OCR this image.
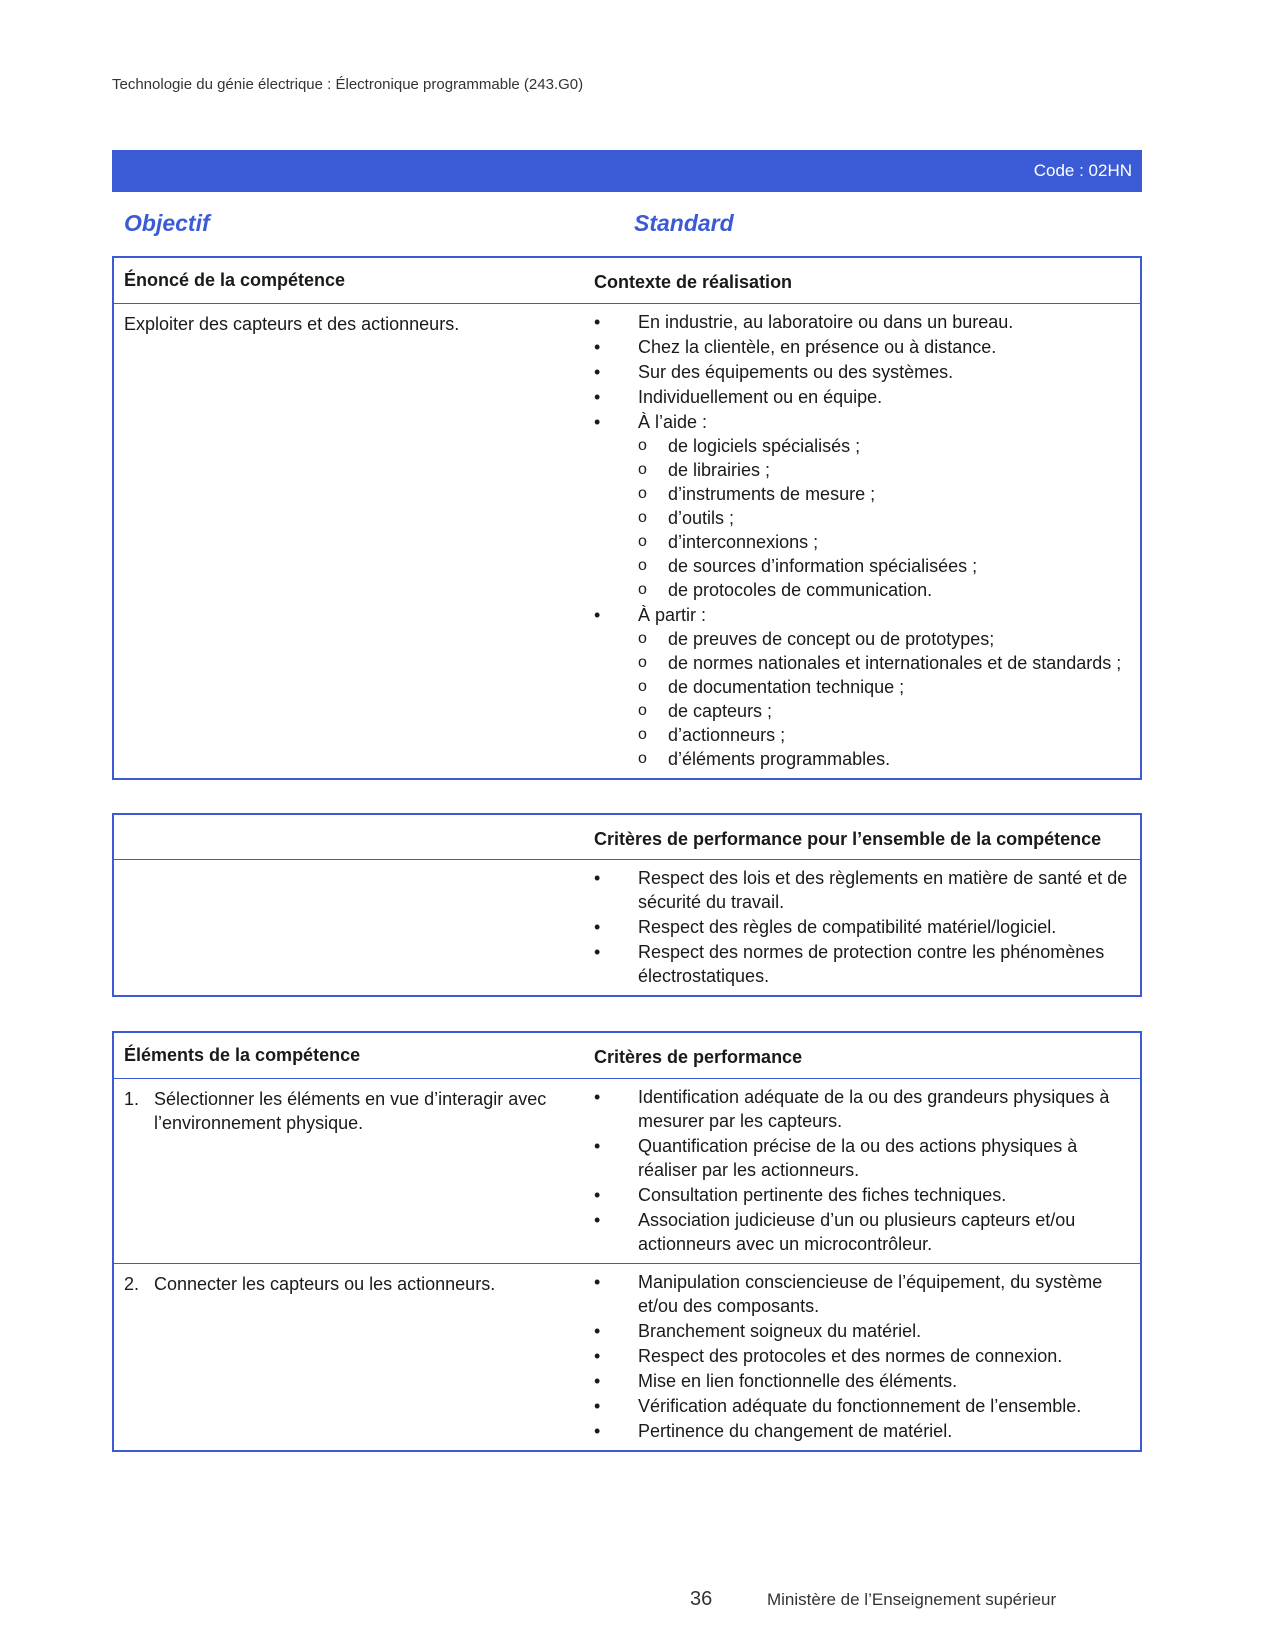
Technologie du génie électrique : Électronique programmable (243.G0)

Code : 02HN
Objectif	Standard
Énoncé de la compétence	Contexte de réalisation
Exploiter des capteurs et des actionneurs.	• En industrie, au laboratoire ou dans un bureau.
• Chez la clientèle, en présence ou à distance.
• Sur des équipements ou des systèmes.
• Individuellement ou en équipe.
• À l’aide :
o de logiciels spécialisés ;
o de librairies ;
o d’instruments de mesure ;
o d’outils ;
o d’interconnexions ;
o de sources d’information spécialisées ;
o de protocoles de communication.
• À partir :
o de preuves de concept ou de prototypes;
o de normes nationales et internationales et de standards ;
o de documentation technique ;
o de capteurs ;
o d’actionneurs ;
o d’éléments programmables.
Critères de performance pour l’ensemble de la compétence
• Respect des lois et des règlements en matière de santé et de sécurité du travail.
• Respect des règles de compatibilité matériel/logiciel.
• Respect des normes de protection contre les phénomènes électrostatiques.
Éléments de la compétence	Critères de performance
1. Sélectionner les éléments en vue d’interagir avec l’environnement physique.
• Identification adéquate de la ou des grandeurs physiques à mesurer par les capteurs.
• Quantification précise de la ou des actions physiques à réaliser par les actionneurs.
• Consultation pertinente des fiches techniques.
• Association judicieuse d’un ou plusieurs capteurs et/ou actionneurs avec un microcontrôleur.
2. Connecter les capteurs ou les actionneurs.	• Manipulation consciencieuse de l’équipement, du système et/ou des composants.
• Branchement soigneux du matériel.
• Respect des protocoles et des normes de connexion.
• Mise en lien fonctionnelle des éléments.
• Vérification adéquate du fonctionnement de l’ensemble.
• Pertinence du changement de matériel.
36	Ministère de l’Enseignement supérieur
